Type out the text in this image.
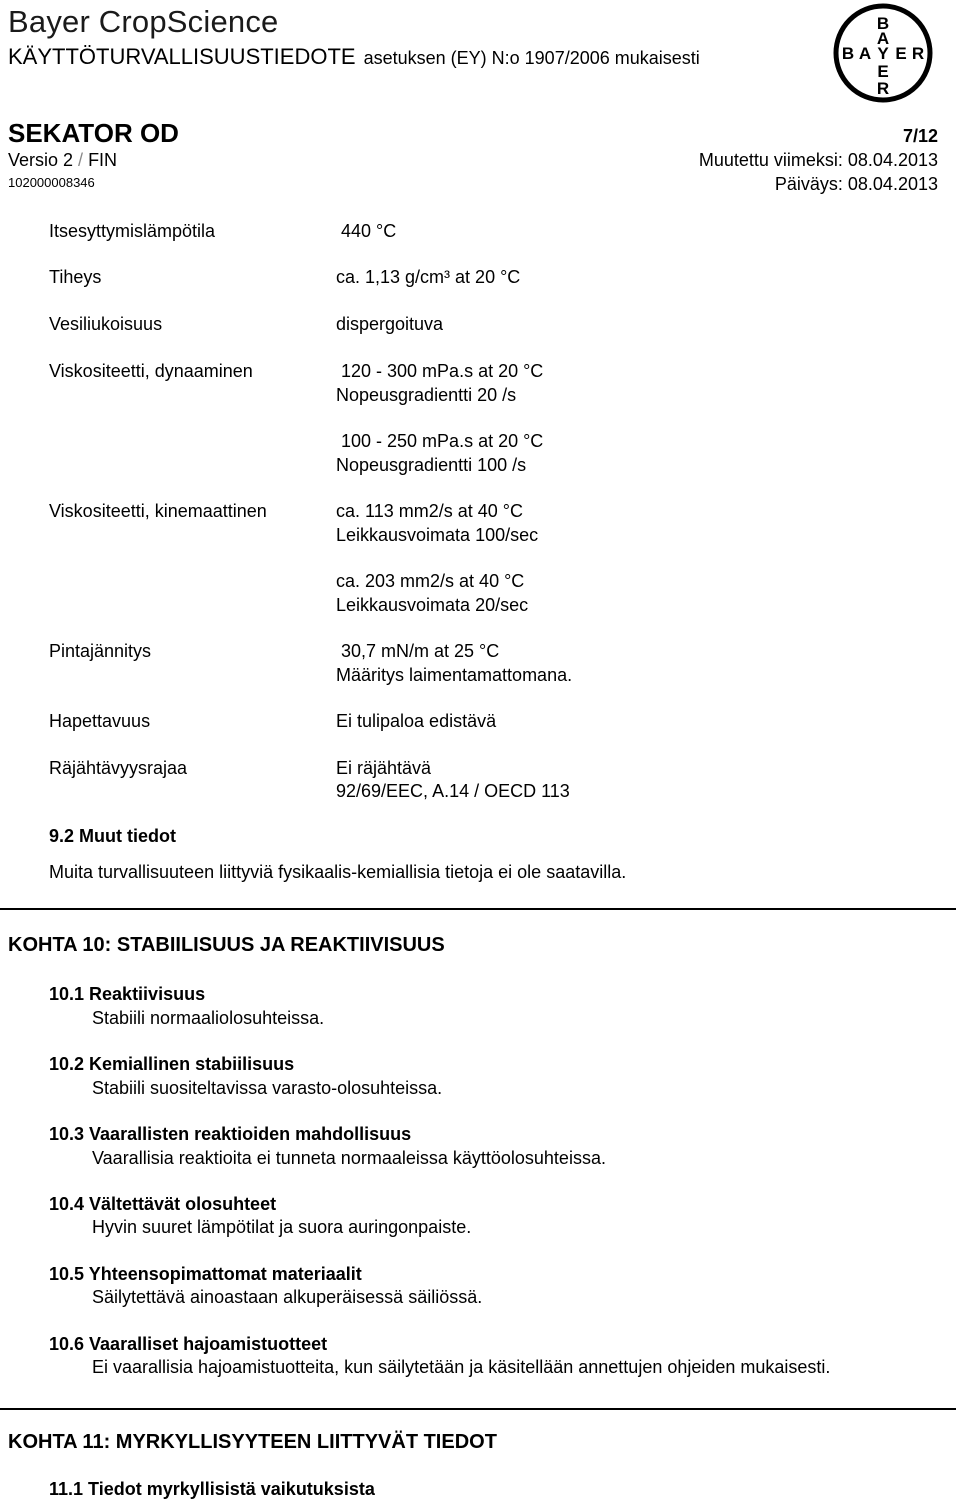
Bayer CropScience
KÄYTTÖTURVALLISUUSTIEDOTE asetuksen (EY) N:o 1907/2006 mukaisesti
B
A
B A Y E R
E
R
SEKATOR OD	7/12
Versio 2 / FIN
102000008346
Muutettu viimeksi: 08.04.2013
Päiväys: 08.04.2013
Itsesyttymislämpötila	440 °C
Tiheys	ca. 1,13 g/cm³ at 20 °C
Vesiliukoisuus	dispergoituva
Viskositeetti, dynaaminen	120 - 300 mPa.s at 20 °C
Nopeusgradientti 20 /s
100 - 250 mPa.s at 20 °C
Nopeusgradientti 100 /s
Viskositeetti, kinemaattinen	ca. 113 mm2/s at 40 °C
Leikkausvoimata 100/sec
ca. 203 mm2/s at 40 °C
Leikkausvoimata 20/sec
Pintajännitys	30,7 mN/m at 25 °C
Määritys laimentamattomana.
Hapettavuus	Ei tulipaloa edistävä
Räjähtävyysrajaa	Ei räjähtävä
92/69/EEC, A.14 / OECD 113
9.2 Muut tiedot
Muita turvallisuuteen liittyviä fysikaalis-kemiallisia tietoja ei ole saatavilla.
KOHTA 10: STABIILISUUS JA REAKTIIVISUUS
10.1 Reaktiivisuus
Stabiili normaaliolosuhteissa.
10.2 Kemiallinen stabiilisuus
Stabiili suositeltavissa varasto-olosuhteissa.
10.3 Vaarallisten reaktioiden mahdollisuus
Vaarallisia reaktioita ei tunneta normaaleissa käyttöolosuhteissa.
10.4 Vältettävät olosuhteet
Hyvin suuret lämpötilat ja suora auringonpaiste.
10.5 Yhteensopimattomat materiaalit
Säilytettävä ainoastaan alkuperäisessä säiliössä.
10.6 Vaaralliset hajoamistuotteet
Ei vaarallisia hajoamistuotteita, kun säilytetään ja käsitellään annettujen ohjeiden mukaisesti.
KOHTA 11: MYRKYLLISYYTEEN LIITTYVÄT TIEDOT
11.1 Tiedot myrkyllisistä vaikutuksista
